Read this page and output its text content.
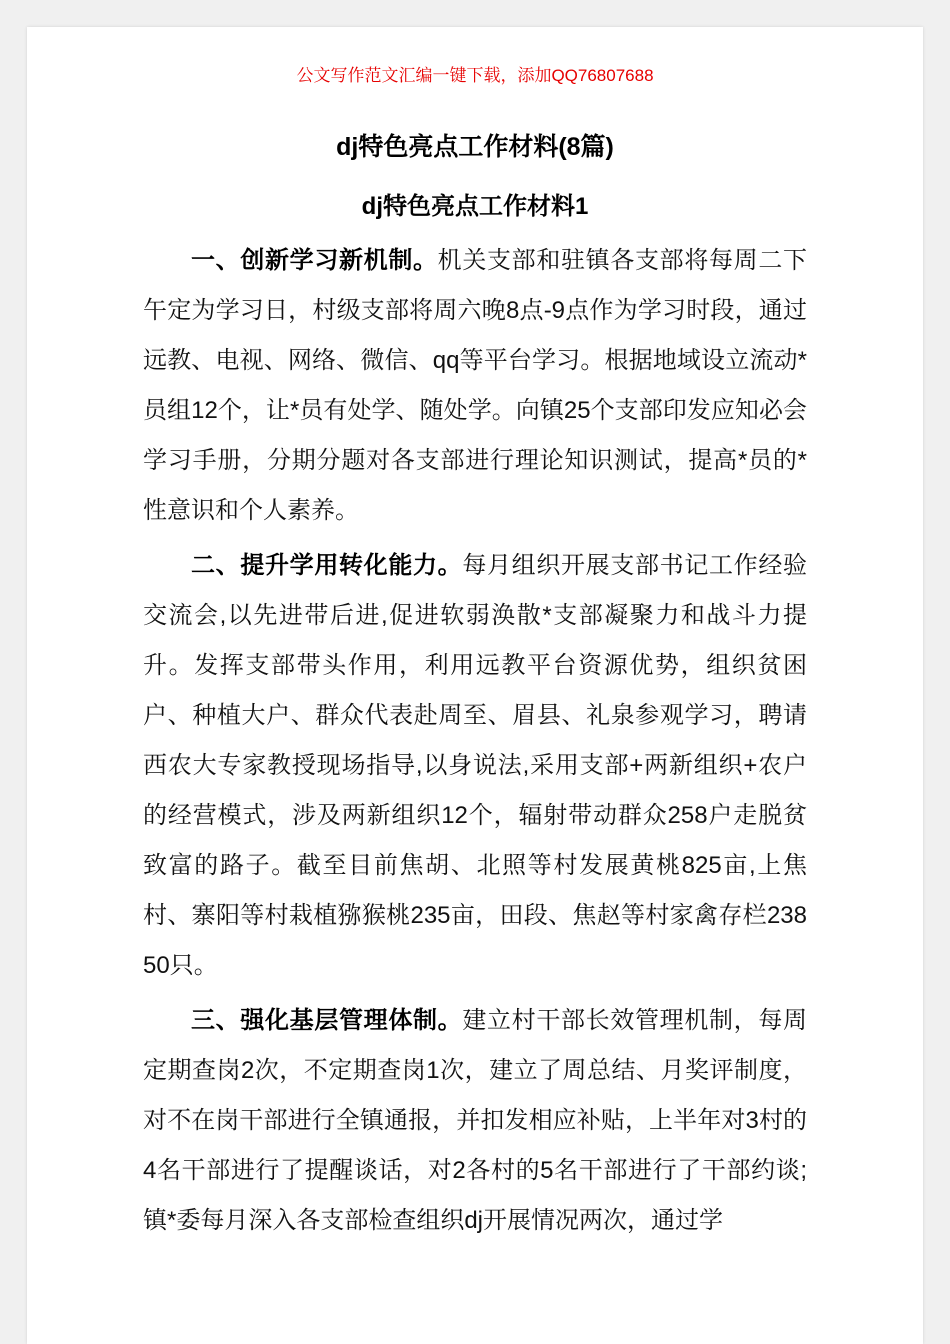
公文写作范文汇编一键下载，添加QQ76807688
dj特色亮点工作材料(8篇)
dj特色亮点工作材料1

一、创新学习新机制。机关支部和驻镇各支部将每周二下午定为学习日，村级支部将周六晚8点-9点作为学习时段，通过远教、电视、网络、微信、qq等平台学习。根据地域设立流动*员组12个，让*员有处学、随处学。向镇25个支部印发应知必会学习手册，分期分题对各支部进行理论知识测试，提高*员的*性意识和个人素养。

二、提升学用转化能力。每月组织开展支部书记工作经验交流会,以先进带后进,促进软弱涣散*支部凝聚力和战斗力提升。发挥支部带头作用，利用远教平台资源优势，组织贫困户、种植大户、群众代表赴周至、眉县、礼泉参观学习，聘请西农大专家教授现场指导,以身说法,采用支部+两新组织+农户的经营模式，涉及两新组织12个，辐射带动群众258户走脱贫致富的路子。截至目前焦胡、北照等村发展黄桃825亩,上焦村、寨阳等村栽植猕猴桃235亩，田段、焦赵等村家禽存栏23850只。

三、强化基层管理体制。建立村干部长效管理机制，每周定期查岗2次，不定期查岗1次，建立了周总结、月奖评制度，对不在岗干部进行全镇通报，并扣发相应补贴，上半年对3村的4名干部进行了提醒谈话，对2各村的5名干部进行了干部约谈;镇*委每月深入各支部检查组织dj开展情况两次，通过学
